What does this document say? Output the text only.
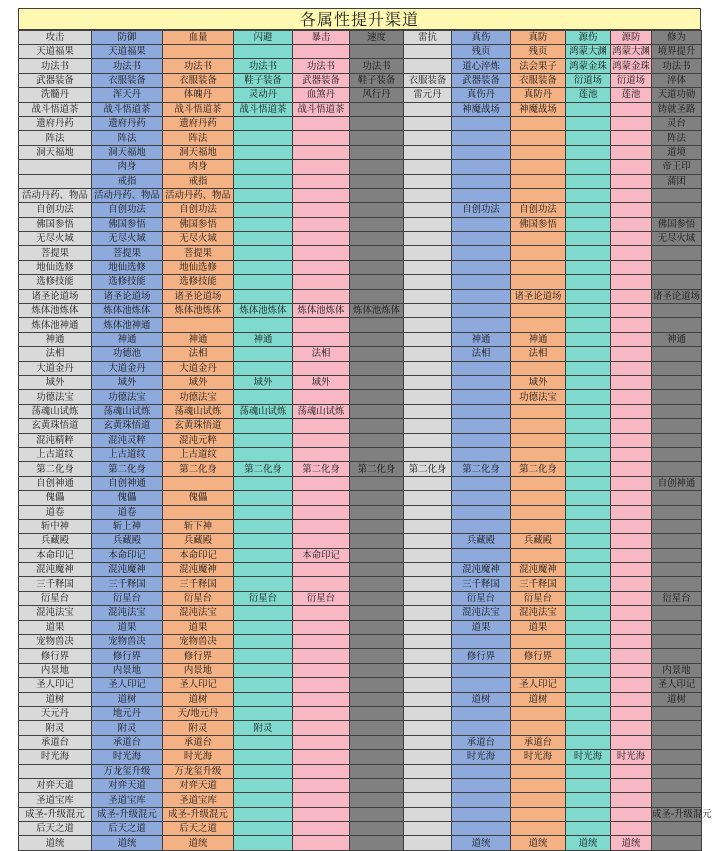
各属性提升渠道
攻击	防御	血量	闪避	暴击	速度	雷抗	真伤	真防	源伤	源防	修为
天道福果	天道福果						残页	残页	鸿蒙大渊	鸿蒙大渊	境界提升
功法书	功法书	功法书	功法书	功法书	功法书		道心淬炼	法会果子	鸿蒙金珠	鸿蒙金珠	功法书
武器装备	衣服装备	衣服装备	鞋子装备	武器装备	鞋子装备	衣服装备	武器装备	衣服装备	衍道场	衍道场	淬体
洗髓丹	浑天丹	体魄丹	灵动丹	血煞丹	风行丹	雷元丹	真伤丹	真防丹	莲池	莲池	天道功勋
战斗悟道茶	战斗悟道茶	战斗悟道茶	战斗悟道茶	战斗悟道茶			神魔战场	神魔战场			铸就圣路
遗府丹药	遗府丹药	遗府丹药									灵台
阵法	阵法	阵法									阵法
洞天福地	洞天福地	洞天福地									道境
	肉身	肉身									帝王印
	戒指	戒指									蒲团
活动丹药、物品	活动丹药、物品	活动丹药、物品									
自创功法	自创功法	自创功法					自创功法	自创功法			
佛国参悟	佛国参悟	佛国参悟						佛国参悟			佛国参悟
无尽火域	无尽火域	无尽火域									无尽火域
菩提果	菩提果	菩提果									
地仙选修	地仙选修	地仙选修									
选修技能	选修技能	选修技能									
诸圣论道场	诸圣论道场	诸圣论道场						诸圣论道场			诸圣论道场
炼体池炼体	炼体池炼体	炼体池炼体	炼体池炼体	炼体池炼体	炼体池炼体						
炼体池神通	炼体池神通										
神通	神通	神通	神通				神通	神通			神通
法相	功德池	法相		法相			法相	法相			
大道金丹	大道金丹	大道金丹									
域外	域外	域外	域外	域外				域外			
功德法宝	功德法宝	功德法宝						功德法宝			
荡魂山试炼	荡魂山试炼	荡魂山试炼	荡魂山试炼	荡魂山试炼							
玄黄珠悟道	玄黄珠悟道	玄黄珠悟道									
混沌精粹	混沌灵粹	混沌元粹									
上古道纹	上古道纹	上古道纹									
第二化身	第二化身	第二化身	第二化身	第二化身	第二化身	第二化身	第二化身	第二化身			
自创神通	自创神通										自创神通
傀儡	傀儡	傀儡									
道卷	道卷										
斩中神	斩上神	斩下神									
兵藏殿	兵藏殿	兵藏殿					兵藏殿	兵藏殿			
本命印记	本命印记	本命印记		本命印记							
混沌魔神	混沌魔神	混沌魔神					混沌魔神	混沌魔神			
三千释国	三千释国	三千释国					三千释国	三千释国			
衍星台	衍星台	衍星台	衍星台	衍星台			衍星台	衍星台			衍星台
混沌法宝	混沌法宝	混沌法宝					混沌法宝	混沌法宝			
道果	道果	道果					道果	道果			
宠物兽决	宠物兽决	宠物兽决									
修行界	修行界	修行界					修行界	修行界			
内景地	内景地	内景地									内景地
圣人印记	圣人印记	圣人印记						圣人印记			圣人印记
道树	道树	道树					道树	道树			道树
天元丹	地元丹	天/地元丹									
附灵	附灵	附灵	附灵								
承道台	承道台	承道台					承道台	承道台			
时光海	时光海	时光海					时光海	时光海	时光海	时光海	
	万龙玺升级	万龙玺升级									
对弈天道	对弈天道	对弈天道									
圣道宝库	圣道宝库	圣道宝库									
成圣-升级混元	成圣-升级混元	成圣-升级混元									成圣-升级混元
后天之道	后天之道	后天之道									
道统	道统	道统					道统	道统	道统	道统	
